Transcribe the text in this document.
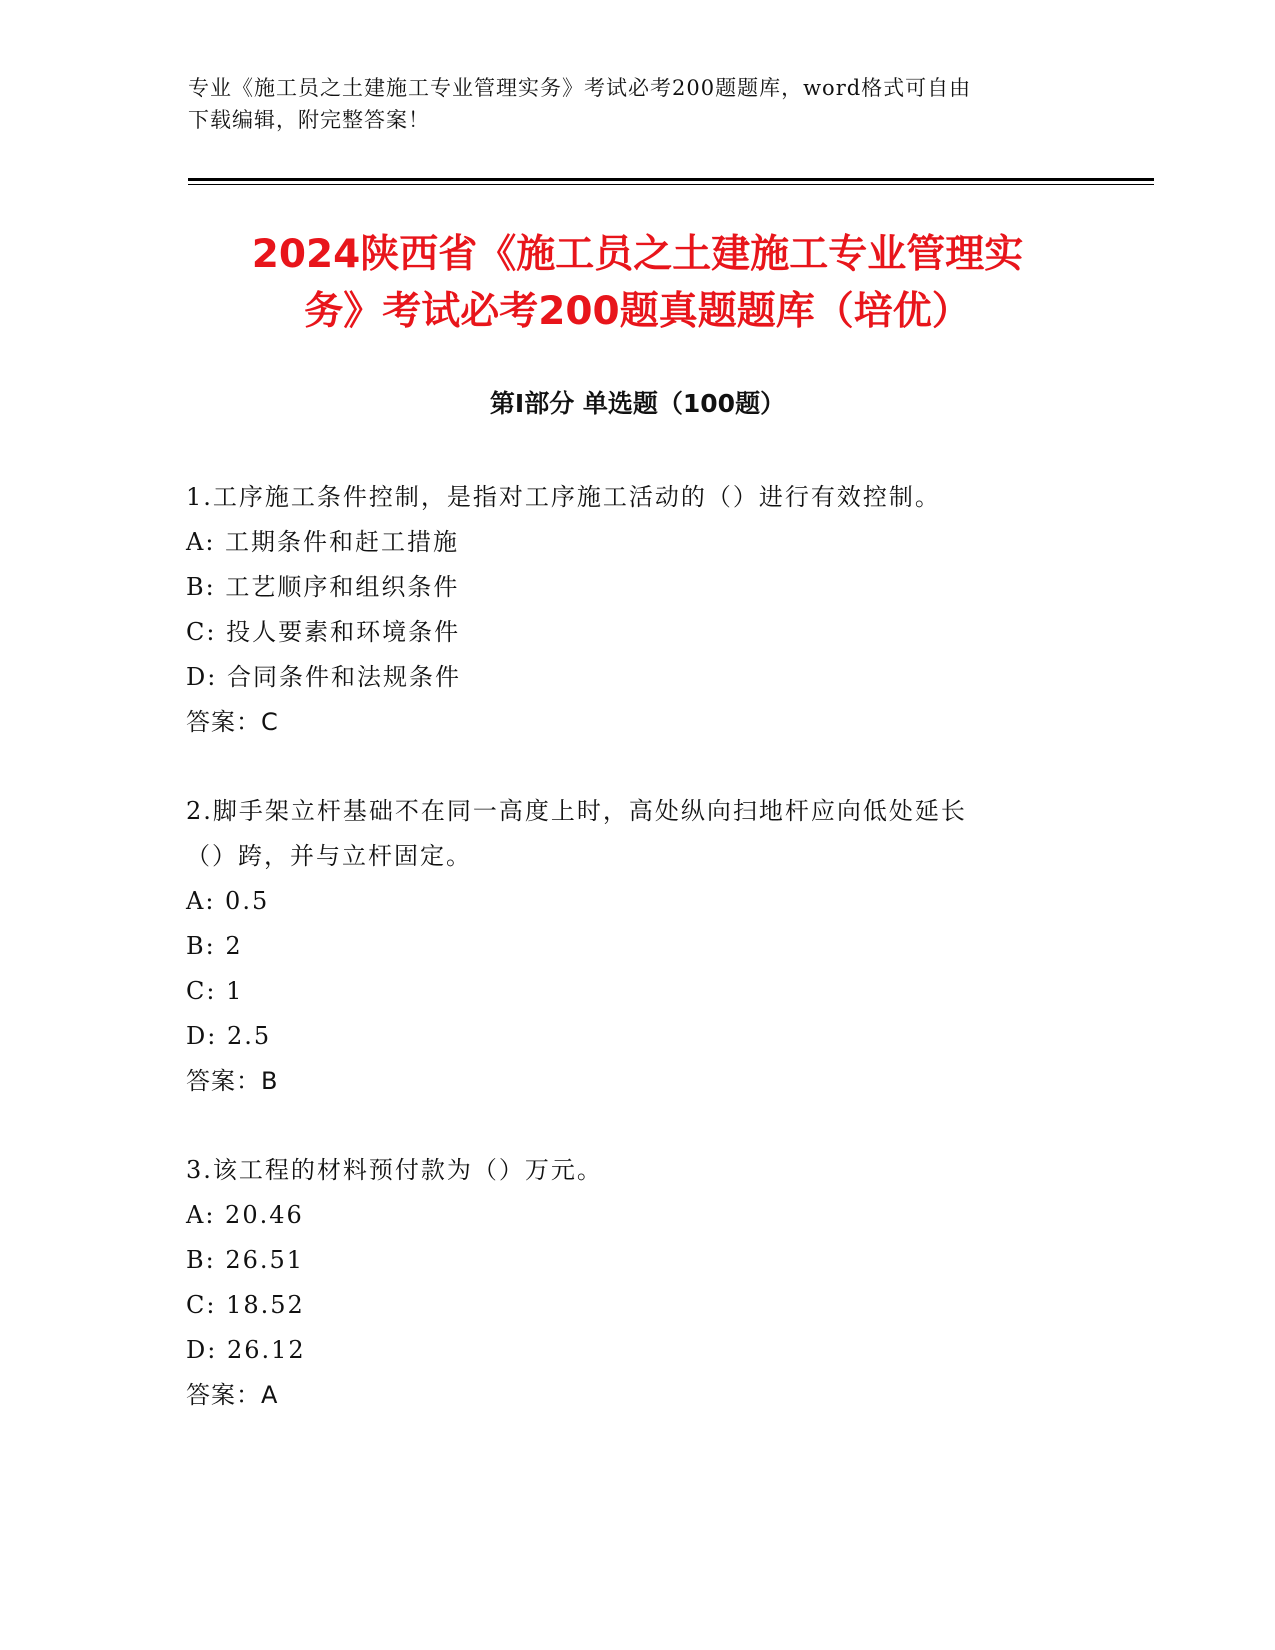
专业《施工员之土建施工专业管理实务》考试必考200题题库，word格式可自由
下载编辑，附完整答案！
2024陕西省《施工员之土建施工专业管理实
务》考试必考200题真题题库（培优）
第I部分 单选题（100题）
1.工序施工条件控制，是指对工序施工活动的（）进行有效控制。
A: 工期条件和赶工措施
B: 工艺顺序和组织条件
C: 投人要素和环境条件
D: 合同条件和法规条件
答案：C
2.脚手架立杆基础不在同一高度上时，高处纵向扫地杆应向低处延长
（）跨，并与立杆固定。
A: 0.5
B: 2
C: 1
D: 2.5
答案：B
3.该工程的材料预付款为（）万元。
A: 20.46
B: 26.51
C: 18.52
D: 26.12
答案：A
